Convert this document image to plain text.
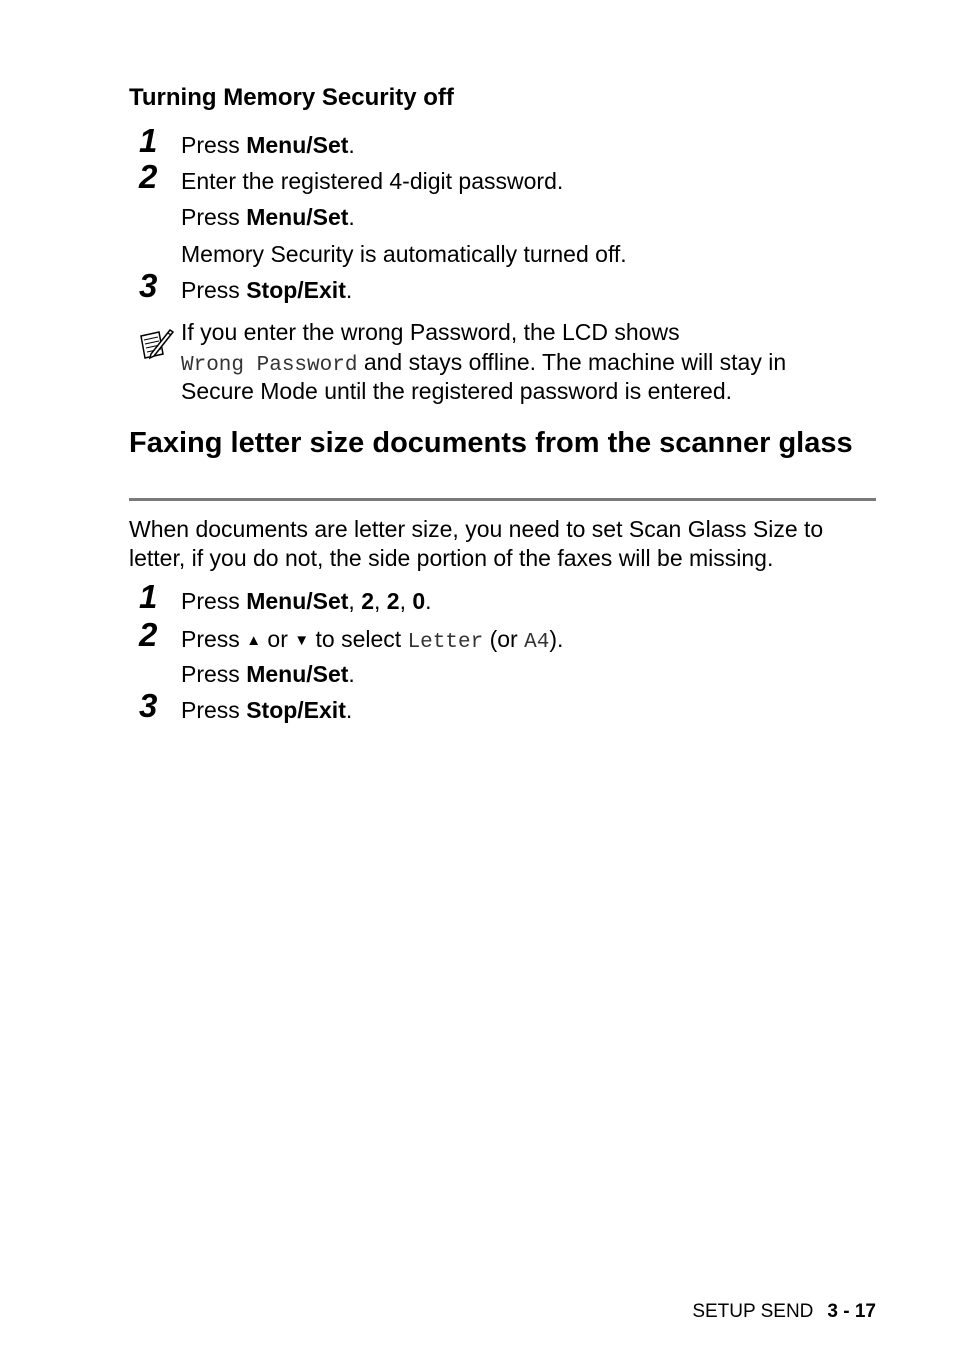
Turning Memory Security off
1	Press Menu/Set.

2	Enter the registered 4-digit password.

Press Menu/Set.

Memory Security is automatically turned off.

3	Press Stop/Exit.

If you enter the wrong Password, the LCD shows

Wrong Password and stays offline. The machine will stay in

Secure Mode until the registered password is entered.

Faxing letter size documents from the scanner glass

When documents are letter size, you need to set Scan Glass Size to

letter, if you do not, the side portion of the faxes will be missing.

1	Press Menu/Set, 2, 2, 0.

2	Press ▲ or ▼ to select Letter (or A4).

Press Menu/Set.

3	Press Stop/Exit.

SETUP SEND 3 - 17
